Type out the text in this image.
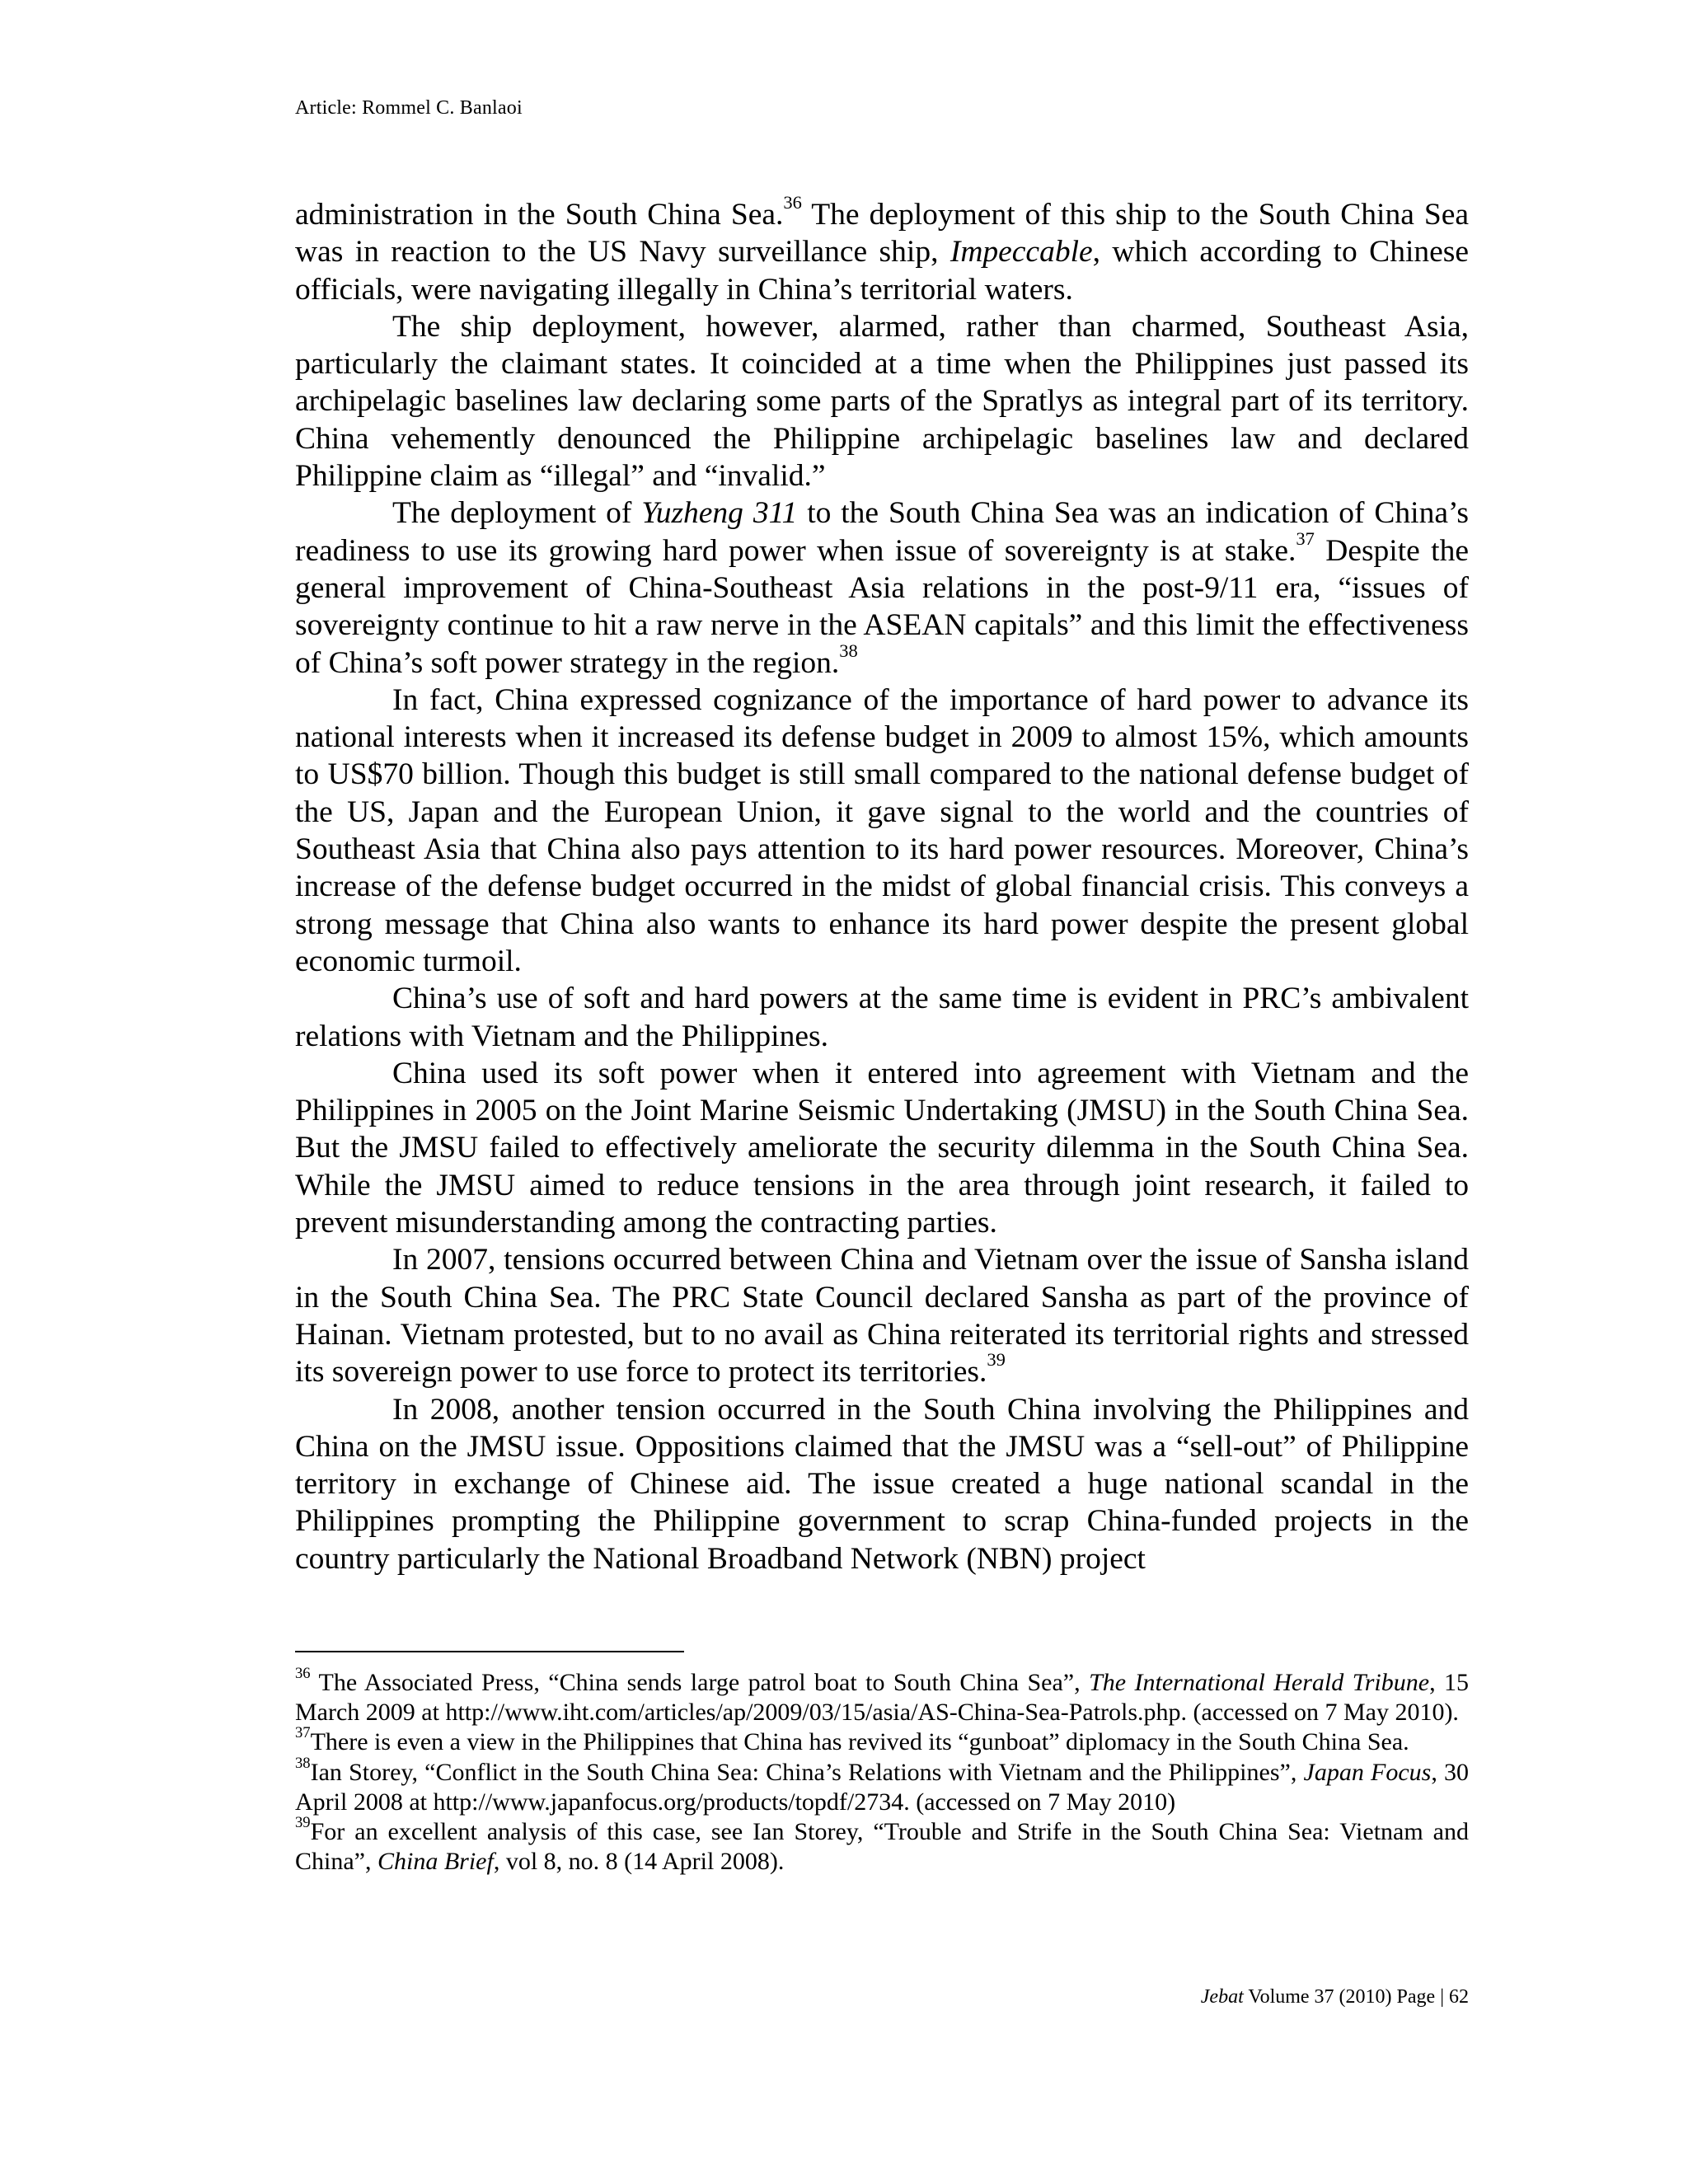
Article: Rommel C. Banlaoi

administration in the South China Sea.$^{36}$ The deployment of this ship to the South China Sea was in reaction to the US Navy surveillance ship, Impeccable, which according to Chinese officials, were navigating illegally in China’s territorial waters.

The ship deployment, however, alarmed, rather than charmed, Southeast Asia, particularly the claimant states. It coincided at a time when the Philippines just passed its archipelagic baselines law declaring some parts of the Spratlys as integral part of its territory. China vehemently denounced the Philippine archipelagic baselines law and declared Philippine claim as “illegal” and “invalid.”

The deployment of Yuzheng 311 to the South China Sea was an indication of China’s readiness to use its growing hard power when issue of sovereignty is at stake.$^{37}$ Despite the general improvement of China-Southeast Asia relations in the post-9/11 era, “issues of sovereignty continue to hit a raw nerve in the ASEAN capitals” and this limit the effectiveness of China’s soft power strategy in the region.$^{38}$

In fact, China expressed cognizance of the importance of hard power to advance its national interests when it increased its defense budget in 2009 to almost 15%, which amounts to US$70 billion. Though this budget is still small compared to the national defense budget of the US, Japan and the European Union, it gave signal to the world and the countries of Southeast Asia that China also pays attention to its hard power resources. Moreover, China’s increase of the defense budget occurred in the midst of global financial crisis. This conveys a strong message that China also wants to enhance its hard power despite the present global economic turmoil.

China’s use of soft and hard powers at the same time is evident in PRC’s ambivalent relations with Vietnam and the Philippines.

China used its soft power when it entered into agreement with Vietnam and the Philippines in 2005 on the Joint Marine Seismic Undertaking (JMSU) in the South China Sea. But the JMSU failed to effectively ameliorate the security dilemma in the South China Sea. While the JMSU aimed to reduce tensions in the area through joint research, it failed to prevent misunderstanding among the contracting parties.

In 2007, tensions occurred between China and Vietnam over the issue of Sansha island in the South China Sea. The PRC State Council declared Sansha as part of the province of Hainan. Vietnam protested, but to no avail as China reiterated its territorial rights and stressed its sovereign power to use force to protect its territories.$^{39}$

In 2008, another tension occurred in the South China involving the Philippines and China on the JMSU issue. Oppositions claimed that the JMSU was a “sell-out” of Philippine territory in exchange of Chinese aid. The issue created a huge national scandal in the Philippines prompting the Philippine government to scrap China-funded projects in the country particularly the National Broadband Network (NBN) project

$^{36}$ The Associated Press, “China sends large patrol boat to South China Sea”, The International Herald Tribune, 15 March 2009 at http://www.iht.com/articles/ap/2009/03/15/asia/AS-China-Sea-Patrols.php. (accessed on 7 May 2010).

$^{37}$There is even a view in the Philippines that China has revived its “gunboat” diplomacy in the South China Sea.

$^{38}$Ian Storey, “Conflict in the South China Sea: China’s Relations with Vietnam and the Philippines”, Japan Focus, 30 April 2008 at http://www.japanfocus.org/products/topdf/2734. (accessed on 7 May 2010)

$^{39}$For an excellent analysis of this case, see Ian Storey, “Trouble and Strife in the South China Sea: Vietnam and China”, China Brief, vol 8, no. 8 (14 April 2008).

Jebat Volume 37 (2010) Page | 62
